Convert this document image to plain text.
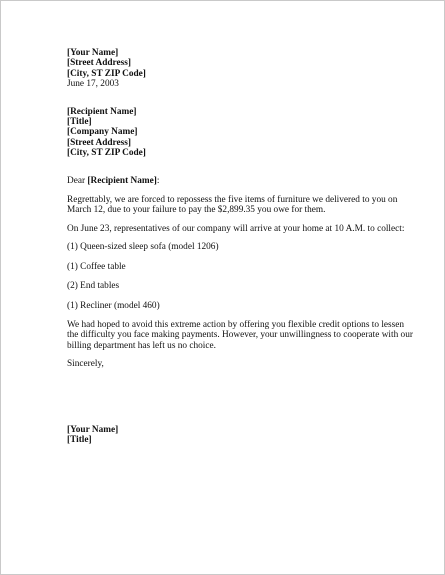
[Your Name]
[Street Address]
[City, ST ZIP Code]
June 17, 2003
[Recipient Name]
[Title]
[Company Name]
[Street Address]
[City, ST ZIP Code]

Dear [Recipient Name]:

Regrettably, we are forced to repossess the five items of furniture we delivered to you on March 12, due to your failure to pay the $2,899.35 you owe for them.

On June 23, representatives of our company will arrive at your home at 10 A.M. to collect:

(1) Queen-sized sleep sofa (model 1206)

(1) Coffee table

(2) End tables

(1) Recliner (model 460)

We had hoped to avoid this extreme action by offering you flexible credit options to lessen the difficulty you face making payments. However, your unwillingness to cooperate with our billing department has left us no choice.

Sincerely,

[Your Name]
[Title]
